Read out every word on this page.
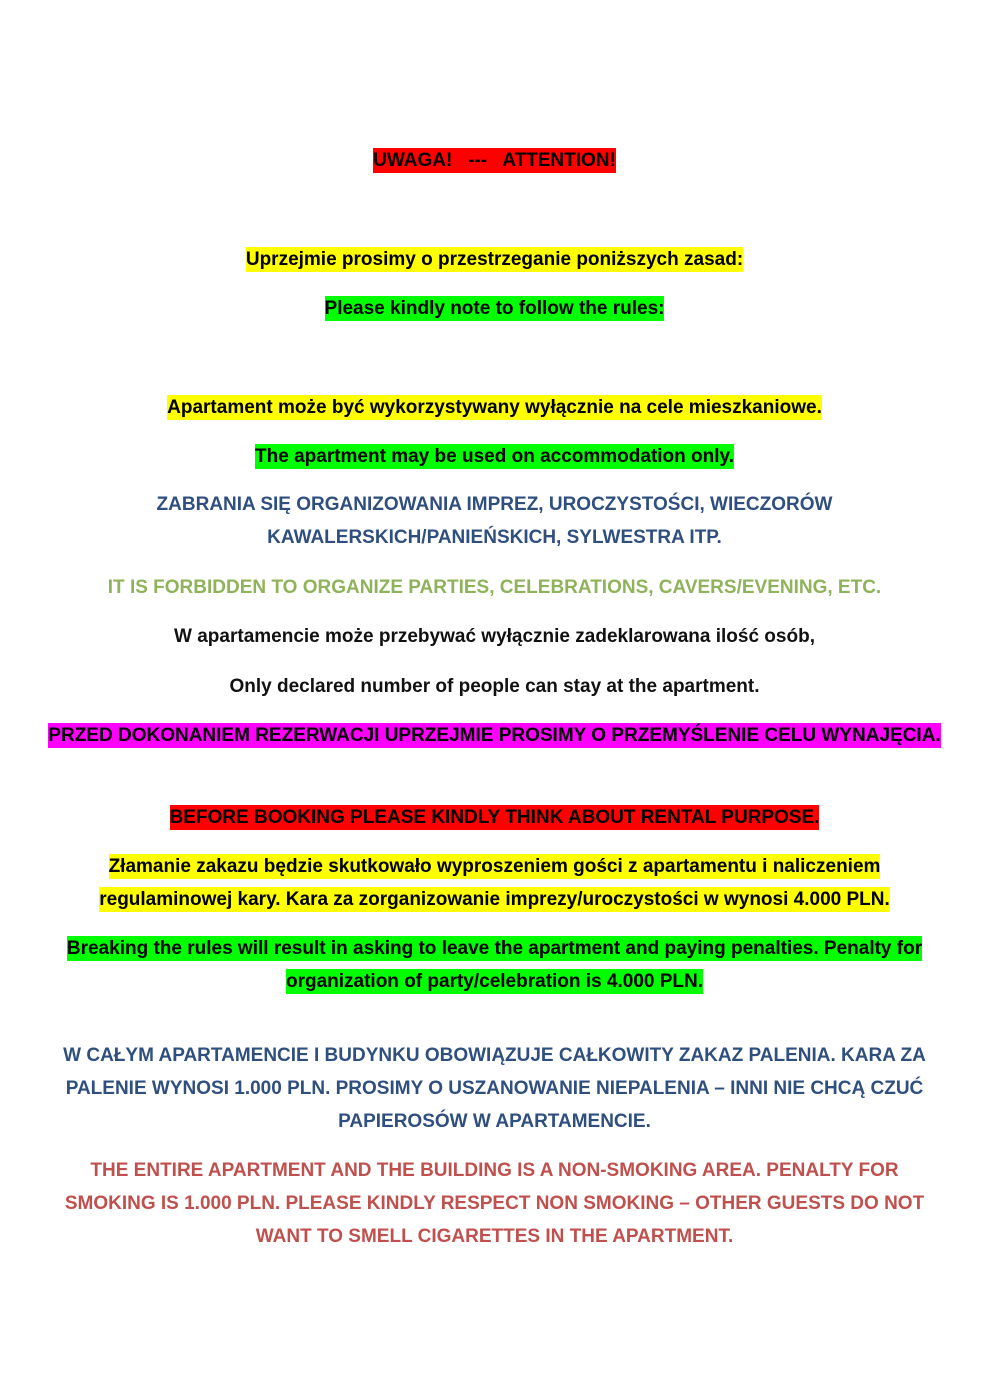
UWAGA!   ---   ATTENTION!
Uprzejmie prosimy o przestrzeganie poniższych zasad:
Please kindly note to follow the rules:
Apartament może być wykorzystywany wyłącznie na cele mieszkaniowe.
The apartment may be used on accommodation only.
ZABRANIA SIĘ ORGANIZOWANIA IMPREZ, UROCZYSTOŚCI, WIECZORÓW KAWALERSKICH/PANIEŃSKICH, SYLWESTRA ITP.
IT IS FORBIDDEN TO ORGANIZE PARTIES, CELEBRATIONS, CAVERS/EVENING, ETC.
W apartamencie może przebywać wyłącznie zadeklarowana ilość osób,
Only declared number of people can stay at the apartment.
PRZED DOKONANIEM REZERWACJI UPRZEJMIE PROSIMY O PRZEMYŚLENIE CELU WYNAJĘCIA.
BEFORE BOOKING PLEASE KINDLY THINK ABOUT RENTAL PURPOSE.
Złamanie zakazu będzie skutkowało wyproszeniem gości z apartamentu i naliczeniem regulaminowej kary. Kara za zorganizowanie imprezy/uroczystości w wynosi 4.000 PLN.
Breaking the rules will result in asking to leave the apartment and paying penalties. Penalty for organization of party/celebration is 4.000 PLN.
W CAŁYM APARTAMENCIE I BUDYNKU OBOWIĄZUJE CAŁKOWITY ZAKAZ PALENIA. KARA ZA PALENIE WYNOSI 1.000 PLN. PROSIMY O USZANOWANIE NIEPALENIA – INNI NIE CHCĄ CZUĆ PAPIEROSÓW W APARTAMENCIE.
THE ENTIRE APARTMENT AND THE BUILDING IS A NON-SMOKING AREA. PENALTY FOR SMOKING IS 1.000 PLN. PLEASE KINDLY RESPECT NON SMOKING – OTHER GUESTS DO NOT WANT TO SMELL CIGARETTES IN THE APARTMENT.
